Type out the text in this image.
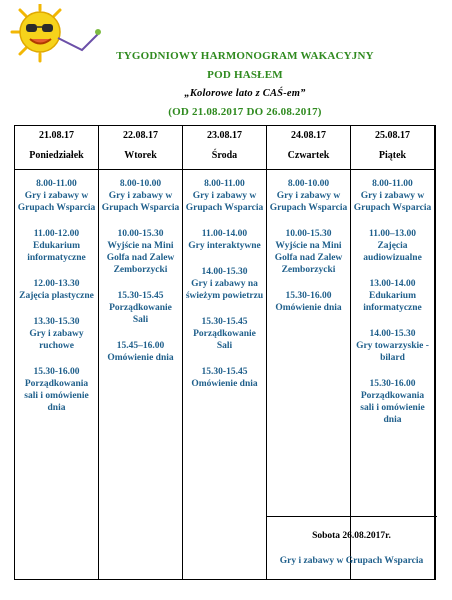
TYGODNIOWY HARMONOGRAM WAKACYJNY
POD HASŁEM
„Kolorowe lato z CAŚ-em”
(OD 21.08.2017 DO 26.08.2017)
21.08.17
Poniedziałek
8.00-11.00
Gry i zabawy w Grupach Wsparcia
11.00-12.00
Edukarium informatyczne
12.00-13.30
Zajęcia plastyczne
13.30-15.30
Gry i zabawy ruchowe
15.30-16.00
Porządkowania sali i omówienie dnia
22.08.17
Wtorek
8.00-10.00
Gry i zabawy w Grupach Wsparcia
10.00-15.30
Wyjście na Mini Golfa nad Zalew Zemborzycki
15.30-15.45
Porządkowanie Sali
15.45–16.00
Omówienie dnia
23.08.17
Środa
8.00-11.00
Gry i zabawy w Grupach Wsparcia
11.00-14.00
Gry interaktywne
14.00-15.30
Gry i zabawy na świeżym powietrzu
15.30-15.45
Porządkowanie Sali
15.30-15.45
Omówienie dnia
24.08.17
Czwartek
8.00-10.00
Gry i zabawy w Grupach Wsparcia
10.00-15.30
Wyjście na Mini Golfa nad Zalew Zemborzycki
15.30-16.00
Omówienie dnia
25.08.17
Piątek
8.00-11.00
Gry i zabawy w Grupach Wsparcia
11.00–13.00
Zajęcia audiowizualne
13.00-14.00
Edukarium informatyczne
14.00-15.30
Gry towarzyskie - bilard
15.30-16.00
Porządkowania sali i omówienie dnia
Sobota 26.08.2017r.
Gry i zabawy w Grupach Wsparcia
